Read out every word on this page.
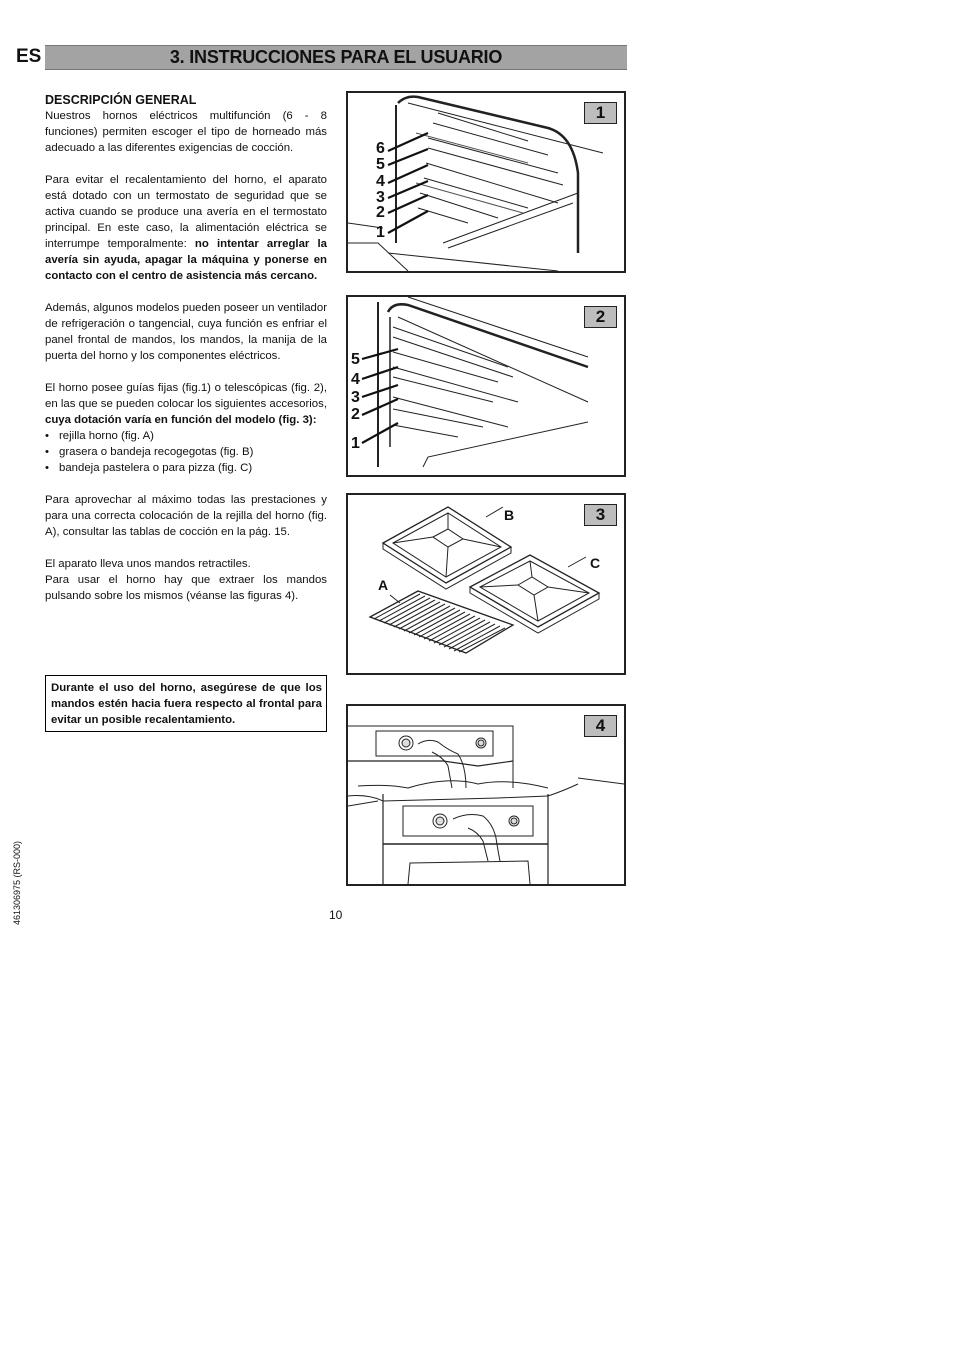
ES	3. INSTRUCCIONES PARA EL USUARIO
DESCRIPCIÓN GENERAL

Nuestros hornos eléctricos multifunción (6 - 8 funciones) permiten escoger el tipo de horneado más adecuado a las diferentes exigencias de cocción.

Para evitar el recalentamiento del horno, el aparato está dotado con un termostato de seguridad que se activa cuando se produce una avería en el termostato principal. En este caso, la alimentación eléctrica se interrumpe temporalmente: no intentar arreglar la avería sin ayuda, apagar la máquina y ponerse en contacto con el centro de asistencia más cercano.

Además, algunos modelos pueden poseer un ventilador de refrigeración o tangencial, cuya función es enfriar el panel frontal de mandos, los mandos, la manija de la puerta del horno y los componentes eléctricos.

El horno posee guías fijas (fig.1) o telescópicas (fig. 2), en las que se pueden colocar los siguientes accesorios, cuya dotación varía en función del modelo (fig. 3):

• rejilla horno (fig. A)
• grasera o bandeja recogegotas (fig. B)
• bandeja pastelera o para pizza (fig. C)

Para aprovechar al máximo todas las prestaciones y para una correcta colocación de la rejilla del horno (fig. A), consultar las tablas de cocción en la pág. 15.

El aparato lleva unos mandos retractiles.

Para usar el horno hay que extraer los mandos pulsando sobre los mismos (véanse las figuras 4).

Durante el uso del horno, asegúrese de que los mandos estén hacia fuera respecto al frontal para evitar un posible recalentamiento.
6
5
4
3
2
1
1
5
4
3
2
1
2
B
C
A
3
4
461306975 (RS-000)	10
